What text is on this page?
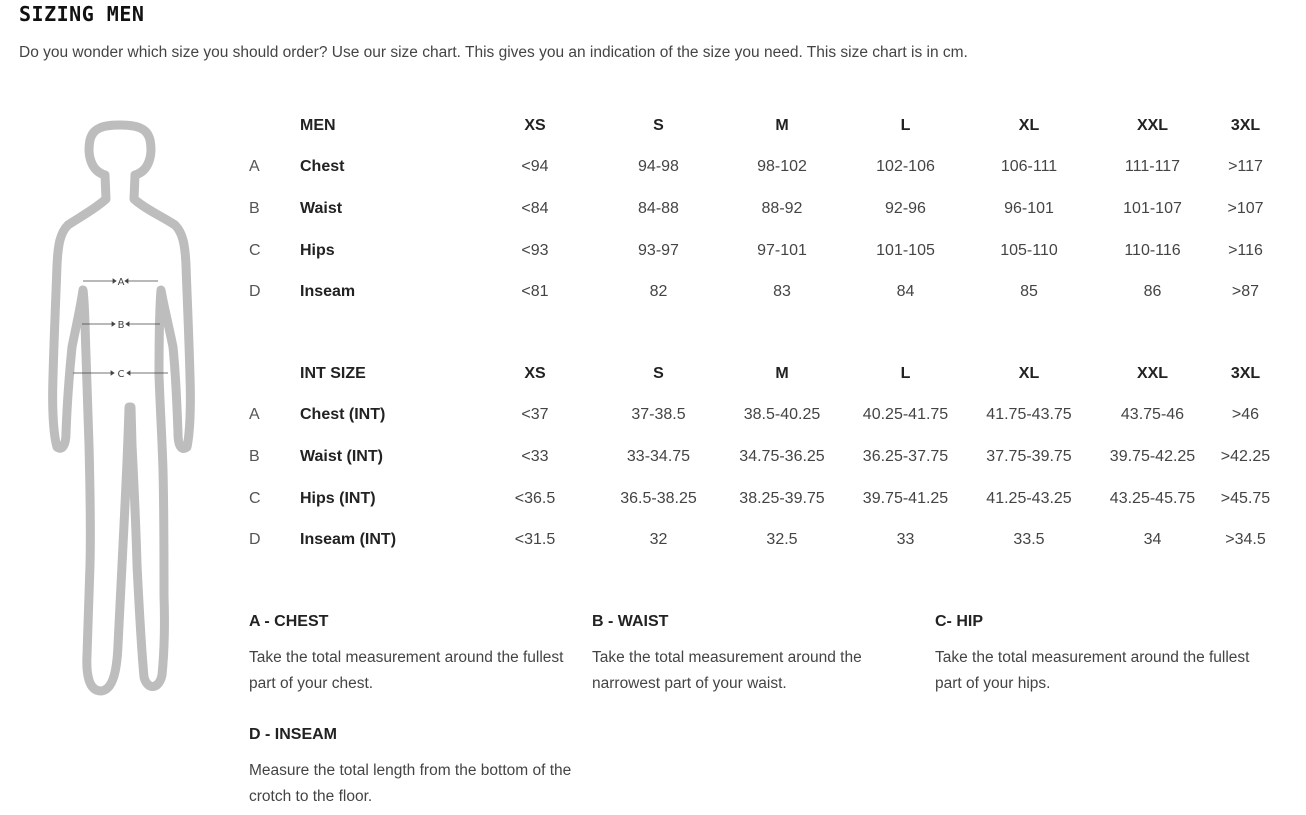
SIZING MEN

Do you wonder which size you should order? Use our size chart. This gives you an indication of the size you need. This size chart is in cm.

A
B
C
	MEN	XS	S	M	L	XL	XXL	3XL
A	Chest	<94	94-98	98-102	102-106	106-111	111-117	>117
B	Waist	<84	84-88	88-92	92-96	96-101	101-107	>107
C	Hips	<93	93-97	97-101	101-105	105-110	110-116	>116
D	Inseam	<81	82	83	84	85	86	>87
	INT SIZE	XS	S	M	L	XL	XXL	3XL
A	Chest (INT)	<37	37-38.5	38.5-40.25	40.25-41.75	41.75-43.75	43.75-46	>46
B	Waist (INT)	<33	33-34.75	34.75-36.25	36.25-37.75	37.75-39.75	39.75-42.25	>42.25
C	Hips (INT)	<36.5	36.5-38.25	38.25-39.75	39.75-41.25	41.25-43.25	43.25-45.75	>45.75
D	Inseam (INT)	<31.5	32	32.5	33	33.5	34	>34.5
A - CHEST

Take the total measurement around the fullest part of your chest.

B - WAIST

Take the total measurement around the narrowest part of your waist.

C- HIP

Take the total measurement around the fullest part of your hips.

D - INSEAM

Measure the total length from the bottom of the crotch to the floor.
